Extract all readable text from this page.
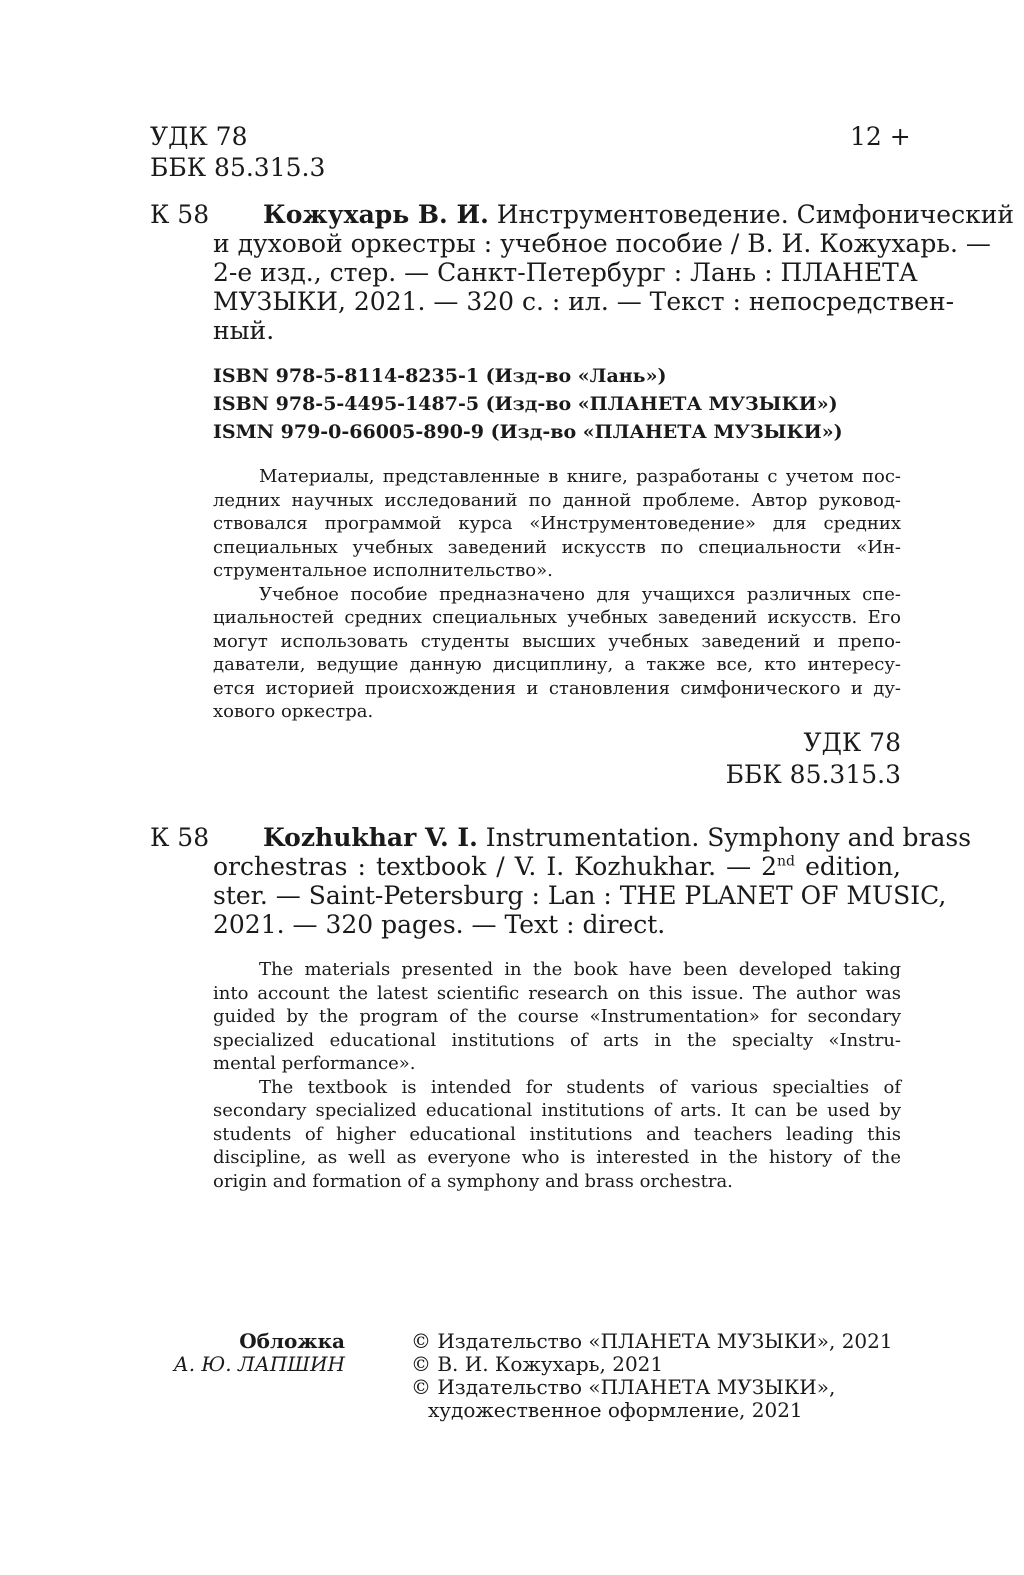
УДК 78
ББК 85.315.3
12 +
К 58	Кожухарь В. И. Инструментоведение. Симфонический
и духовой оркестры : учебное пособие / В. И. Кожухарь. —
2-е изд., стер. — Санкт-Петербург : Лань : ПЛАНЕТА
МУЗЫКИ, 2021. — 320 с. : ил. — Текст : непосредствен-
ный.
ISBN 978-5-8114-8235-1 (Изд-во «Лань»)
ISBN 978-5-4495-1487-5 (Изд-во «ПЛАНЕТА МУЗЫКИ»)
ISMN 979-0-66005-890-9 (Изд-во «ПЛАНЕТА МУЗЫКИ»)
Материалы, представленные в книге, разработаны с учетом пос-
ледних научных исследований по данной проблеме. Автор руковод-
ствовался программой курса «Инструментоведение» для средних
специальных учебных заведений искусств по специальности «Ин-
струментальное исполнительство».
Учебное пособие предназначено для учащихся различных спе-
циальностей средних специальных учебных заведений искусств. Его
могут использовать студенты высших учебных заведений и препо-
даватели, ведущие данную дисциплину, а также все, кто интересу-
ется историей происхождения и становления симфонического и ду-
хового оркестра.
УДК 78
ББК 85.315.3
К 58	Kozhukhar V. I. Instrumentation. Symphony and brass
orchestras : textbook / V. I. Kozhukhar. — 2nd edition,
ster. — Saint-Petersburg : Lan : THE PLANET OF MUSIC,
2021. — 320 pages. — Text : direct.
The materials presented in the book have been developed taking
into account the latest scientific research on this issue. The author was
guided by the program of the course «Instrumentation» for secondary
specialized educational institutions of arts in the specialty «Instru-
mental performance».
The textbook is intended for students of various specialties of
secondary specialized educational institutions of arts. It can be used by
students of higher educational institutions and teachers leading this
discipline, as well as everyone who is interested in the history of the
origin and formation of a symphony and brass orchestra.
Обложка
А. Ю. ЛАПШИН
© Издательство «ПЛАНЕТА МУЗЫКИ», 2021
© В. И. Кожухарь, 2021
© Издательство «ПЛАНЕТА МУЗЫКИ»,
художественное оформление, 2021
